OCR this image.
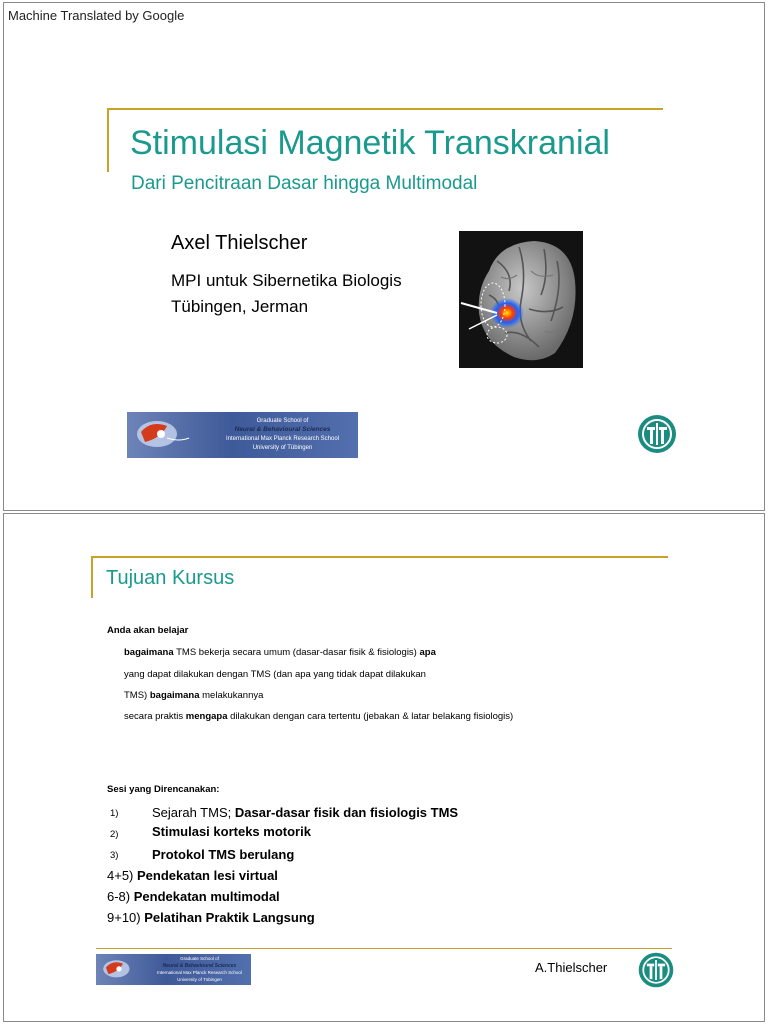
Machine Translated by Google
Stimulasi Magnetik Transkranial
Dari Pencitraan Dasar hingga Multimodal
Axel Thielscher
MPI untuk Sibernetika Biologis
Tübingen, Jerman
Graduate School of
Neural & Behavioural Sciences
International Max Planck Research School
University of Tübingen
Tujuan Kursus
Anda akan belajar
bagaimana TMS bekerja secara umum (dasar-dasar fisik & fisiologis) apa
yang dapat dilakukan dengan TMS (dan apa yang tidak dapat dilakukan
TMS) bagaimana melakukannya
secara praktis mengapa dilakukan dengan cara tertentu (jebakan & latar belakang fisiologis)
Sesi yang Direncanakan:
1)	Sejarah TMS; Dasar-dasar fisik dan fisiologis TMS
2)	Stimulasi korteks motorik
3)	Protokol TMS berulang
4+5) Pendekatan lesi virtual
6-8) Pendekatan multimodal
9+10) Pelatihan Praktik Langsung
Graduate School of
Neural & Behavioural Sciences
International Max Planck Research School
University of Tübingen
A.Thielscher
